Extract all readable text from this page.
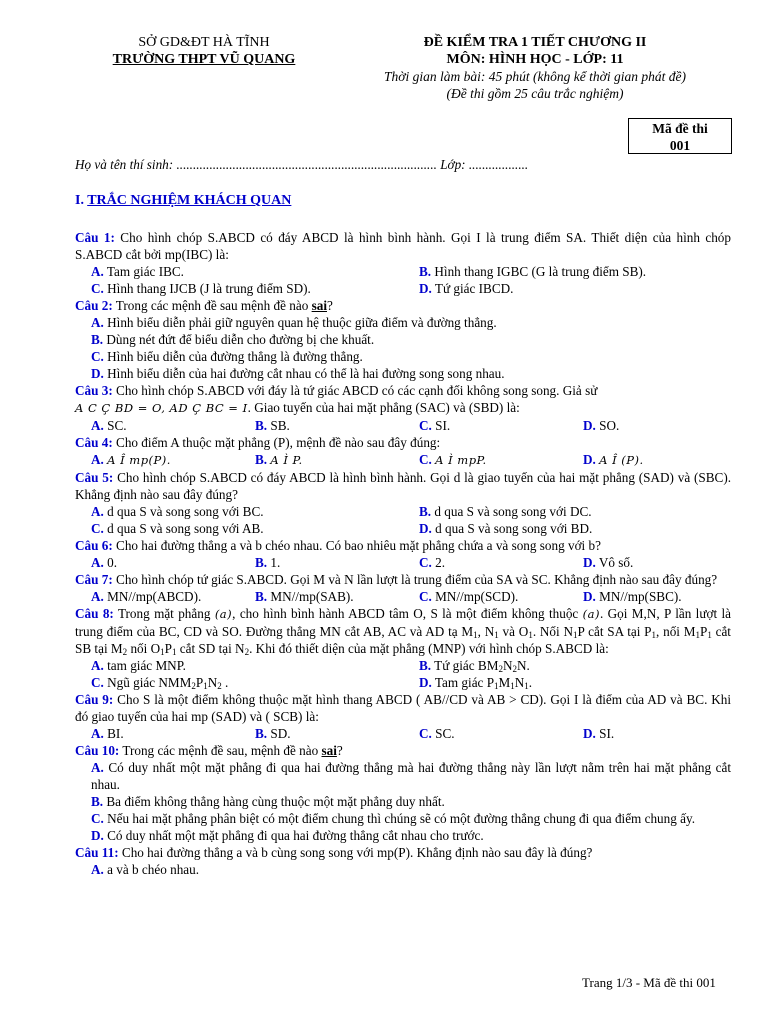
SỞ GD&ĐT HÀ TĨNH
TRƯỜNG THPT VŨ QUANG
ĐỀ KIỂM TRA 1 TIẾT CHƯƠNG II
MÔN: HÌNH HỌC - LỚP: 11
Thời gian làm bài: 45 phút (không kể thời gian phát đề)
(Đề thi gồm 25 câu trắc nghiệm)
Mã đề thi
001
Họ và tên thí sinh: ............................................................................... Lớp: ..................
I. TRẮC NGHIỆM KHÁCH QUAN
Câu 1: Cho hình chóp S.ABCD có đáy ABCD là hình bình hành. Gọi I là trung điểm SA. Thiết diện của hình chóp S.ABCD cắt bởi mp(IBC) là:
A. Tam giác IBC.	B. Hình thang IGBC (G là trung điểm SB).
C. Hình thang IJCB (J là trung điểm SD).	D. Tứ giác IBCD.
Câu 2: Trong các mệnh đề sau mệnh đề nào sai?
A. Hình biểu diễn phải giữ nguyên quan hệ thuộc giữa điểm và đường thẳng.
B. Dùng nét đứt để biểu diễn cho đường bị che khuất.
C. Hình biểu diễn của đường thẳng là đường thẳng.
D. Hình biểu diễn của hai đường cắt nhau có thể là hai đường song song nhau.
Câu 3: Cho hình chóp S.ABCD với đáy là tứ giác ABCD có các cạnh đối không song song. Giả sử
A C Ç BD = O, AD Ç BC = I. Giao tuyến của hai mặt phẳng (SAC) và (SBD) là:
A. SC.	B. SB.	C. SI.	D. SO.
Câu 4: Cho điểm A thuộc mặt phẳng (P), mệnh đề nào sau đây đúng:
A. A Î mp(P).	B. A Ì P.	C. A Ì mpP.	D. A Î (P).
Câu 5: Cho hình chóp S.ABCD có đáy ABCD là hình bình hành. Gọi d là giao tuyến của hai mặt phẳng (SAD) và (SBC). Khẳng định nào sau đây đúng?
A. d qua S và song song với BC.	B. d qua S và song song với DC.
C. d qua S và song song với AB.	D. d qua S và song song với BD.
Câu 6: Cho hai đường thẳng a và b chéo nhau. Có bao nhiêu mặt phẳng chứa a và song song với b?
A. 0.	B. 1.	C. 2.	D. Vô số.
Câu 7: Cho hình chóp tứ giác S.ABCD. Gọi M và N lần lượt là trung điểm của SA và SC. Khẳng định nào sau đây đúng?
A. MN//mp(ABCD).	B. MN//mp(SAB).	C. MN//mp(SCD).	D. MN//mp(SBC).
Câu 8: Trong mặt phẳng (a), cho hình bình hành ABCD tâm O, S là một điểm không thuộc (a). Gọi M,N, P lần lượt là trung điểm của BC, CD và SO. Đường thẳng MN cắt AB, AC và AD tạ $M_1$, $N_1$ và $O_1$. Nối $N_1P$ cắt SA tại $P_1$, nối $M_1P_1$ cắt SB tại $M_2$ nối $O_1P_1$ cắt SD tại $N_2$. Khi đó thiết diện của mặt phẳng (MNP) với hình chóp S.ABCD là:
A. tam giác MNP.	B. Tứ giác $BM_2N_2N$.
C. Ngũ giác $NMM_2P_1N_2$ .	D. Tam giác $P_1M_1N_1$.
Câu 9: Cho S là một điểm không thuộc mặt hình thang ABCD ( AB//CD và AB > CD). Gọi I là điểm của AD và BC. Khi đó giao tuyến của hai mp (SAD) và ( SCB) là:
A. BI.	B. SD.	C. SC.	D. SI.
Câu 10: Trong các mệnh đề sau, mệnh đề nào sai?
A. Có duy nhất một mặt phẳng đi qua hai đường thẳng mà hai đường thẳng này lần lượt nằm trên hai mặt phẳng cắt nhau.
B. Ba điểm không thẳng hàng cùng thuộc một mặt phẳng duy nhất.
C. Nếu hai mặt phẳng phân biệt có một điểm chung thì chúng sẽ có một đường thẳng chung đi qua điểm chung ấy.
D. Có duy nhất một mặt phẳng đi qua hai đường thẳng cắt nhau cho trước.
Câu 11: Cho hai đường thẳng a và b cùng song song với mp(P). Khẳng định nào sau đây là đúng?
A. a và b chéo nhau.
Trang 1/3 - Mã đề thi 001
